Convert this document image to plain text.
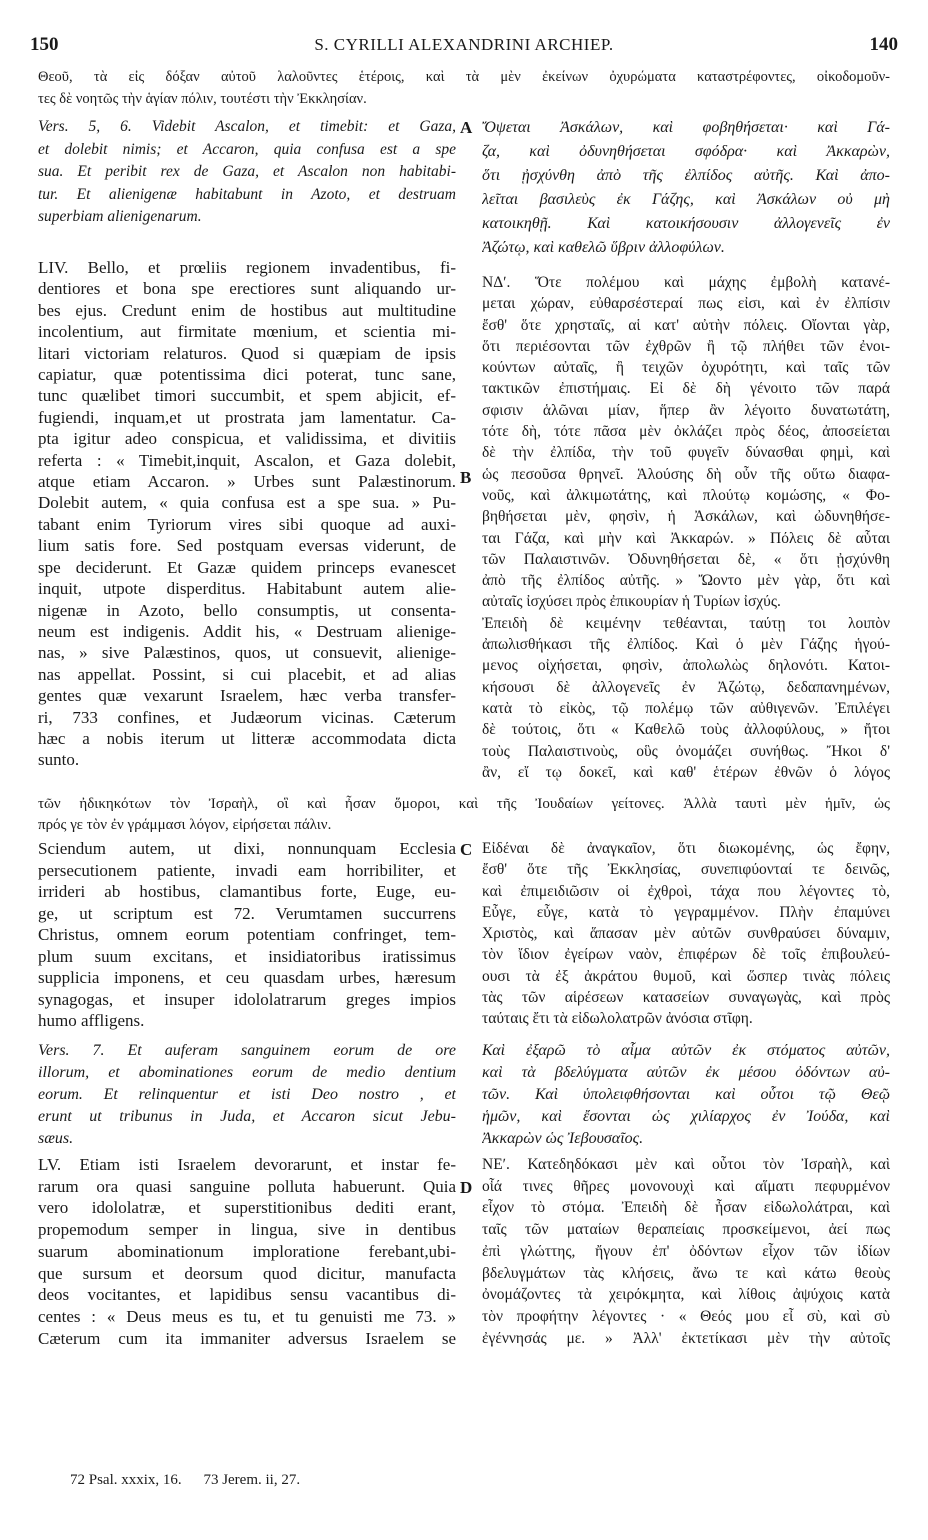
150	S. CYRILLI ALEXANDRINI ARCHIEP.	140
Θεοῦ, τὰ εἰς δόξαν αὐτοῦ λαλοῦντες ἑτέροις, καὶ τὰ μὲν ἐκείνων ὀχυρώματα καταστρέφοντες, οἰκοδομοῦν-
τες δὲ νοητῶς τὴν ἁγίαν πόλιν, τουτέστι τὴν Ἐκκλησίαν.
Vers. 5, 6. Videbit Ascalon, et timebit: et Gaza,
et dolebit nimis; et Accaron, quia confusa est a spe
sua. Et peribit rex de Gaza, et Ascalon non habitabi-
tur. Et alienigenæ habitabunt in Azoto, et destruam
superbiam alienigenarum.
A Ὄψεται Ἀσκάλων, καὶ φοβηθήσεται· καὶ Γά-
ζα, καὶ ὀδυνηθήσεται σφόδρα· καὶ Ἀκκαρὼν,
ὅτι ᾐσχύνθη ἀπὸ τῆς ἐλπίδος αὐτῆς. Καὶ ἀπο-
λεῖται βασιλεὺς ἐκ Γάζης, καὶ Ἀσκάλων οὐ μὴ
κατοικηθῇ. Καὶ κατοικήσουσιν ἀλλογενεῖς ἐν
Ἀζώτῳ, καὶ καθελῶ ὕβριν ἀλλοφύλων.
LIV. Bello, et prœliis regionem invadentibus, fi-
dentiores et bona spe erectiores sunt aliquando ur-
bes ejus. Credunt enim de hostibus aut multitudine
incolentium, aut firmitate mœnium, et scientia mi-
litari victoriam relaturos. Quod si quæpiam de ipsis
capiatur, quæ potentissima dici poterat, tunc sane,
tunc quælibet timori succumbit, et spem abjicit, ef-
fugiendi, inquam,et ut prostrata jam lamentatur. Ca-
pta igitur adeo conspicua, et validissima, et divitiis
referta : « Timebit,inquit, Ascalon, et Gaza dolebit,
atque etiam Accaron. » Urbes sunt Palæstinorum.
Dolebit autem, « quia confusa est a spe sua. » Pu-
tabant enim Tyriorum vires sibi quoque ad auxi-
lium satis fore. Sed postquam eversas viderunt, de
spe deciderunt. Et Gazæ quidem princeps evanescet
inquit, utpote disperditus. Habitabunt autem alie-
nigenæ in Azoto, bello consumptis, ut consenta-
neum est indigenis. Addit his, « Destruam alienige-
nas, » sive Palæstinos, quos, ut consuevit, alienige-
nas appellat. Possint, si cui placebit, et ad alias
gentes quæ vexarunt Israelem, hæc verba transfer-
ri, 733 confines, et Judæorum vicinas. Cæterum
hæc a nobis iterum ut litteræ accommodata dicta
sunto.
B
ΝΔʹ. Ὅτε πολέμου καὶ μάχης ἐμβολὴ κατανέ-
μεται χώραν, εὐθαρσέστεραί πως εἰσι, καὶ ἐν ἐλπίσιν
ἔσθ' ὅτε χρησταῖς, αἱ κατ' αὐτὴν πόλεις. Οἴονται γὰρ,
ὅτι περιέσονται τῶν ἐχθρῶν ἢ τῷ πλήθει τῶν ἐνοι-
κούντων αὐταῖς, ἢ τειχῶν ὀχυρότητι, καὶ ταῖς τῶν
τακτικῶν ἐπιστήμαις. Εἰ δὲ δὴ γένοιτο τῶν παρά
σφισιν ἁλῶναι μίαν, ἥπερ ἂν λέγοιτο δυνατωτάτη,
τότε δὴ, τότε πᾶσα μὲν ὀκλάζει πρὸς δέος, ἀποσείεται
δὲ τὴν ἐλπίδα, τὴν τοῦ φυγεῖν δύνασθαι φημὶ, καὶ
ὡς πεσοῦσα θρηνεῖ. Ἁλούσης δὴ οὖν τῆς οὕτω διαφα-
νοῦς, καὶ ἀλκιμωτάτης, καὶ πλούτῳ κομώσης, « Φο-
βηθήσεται μὲν, φησὶν, ἡ Ἀσκάλων, καὶ ὠδυνηθήσε-
ται Γάζα, καὶ μὴν καὶ Ἀκκαρών. » Πόλεις δὲ αὗται
τῶν Παλαιστινῶν. Ὀδυνηθήσεται δὲ, « ὅτι ᾐσχύνθη
ἀπὸ τῆς ἐλπίδος αὐτῆς. » Ὤοντο μὲν γὰρ, ὅτι καὶ
αὐταῖς ἰσχύσει πρὸς ἐπικουρίαν ἡ Τυρίων ἰσχύς.
Ἐπειδὴ δὲ κειμένην τεθέανται, ταύτῃ τοι λοιπὸν
ἀπωλισθήκασι τῆς ἐλπίδος. Καὶ ὁ μὲν Γάζης ἡγού-
μενος οἰχήσεται, φησὶν, ἀπολωλὼς δηλονότι. Κατοι-
κήσουσι δὲ ἀλλογενεῖς ἐν Ἀζώτῳ, δεδαπανημένων,
κατὰ τὸ εἰκὸς, τῷ πολέμῳ τῶν αὐθιγενῶν. Ἐπιλέγει
δὲ τούτοις, ὅτι « Καθελῶ τοὺς ἀλλοφύλους, » ἤτοι
τοὺς Παλαιστινοὺς, οὓς ὀνομάζει συνήθως. Ἤκοι δ'
ἂν, εἴ τῳ δοκεῖ, καὶ καθ' ἑτέρων ἐθνῶν ὁ λόγος
τῶν ἠδικηκότων τὸν Ἰσραὴλ, οἳ καὶ ἦσαν ὅμοροι, καὶ τῆς Ἰουδαίων γείτονες. Ἀλλὰ ταυτὶ μὲν ἡμῖν, ὡς
πρός γε τὸν ἐν γράμμασι λόγον, εἰρήσεται πάλιν.
Sciendum autem, ut dixi, nonnunquam Ecclesia
persecutionem patiente, invadi eam horribiliter, et
irrideri ab hostibus, clamantibus forte, Euge, eu-
ge, ut scriptum est 72. Verumtamen succurrens
Christus, omnem eorum potentiam confringet, tem-
plum suum excitans, et insidiatoribus iratissimus
supplicia imponens, et ceu quasdam urbes, hæresum
synagogas, et insuper idololatrarum greges impios
humo affligens.
C Εἰδέναι δὲ ἀναγκαῖον, ὅτι διωκομένης, ὡς ἔφην,
ἔσθ' ὅτε τῆς Ἐκκλησίας, συνεπιφύονταί τε δεινῶς,
καὶ ἐπιμειδιῶσιν οἱ ἐχθροὶ, τάχα που λέγοντες τὸ,
Εὖγε, εὖγε, κατὰ τὸ γεγραμμένον. Πλὴν ἐπαμύνει
Χριστὸς, καὶ ἅπασαν μὲν αὐτῶν συνθραύσει δύναμιν,
τὸν ἴδιον ἐγείρων ναὸν, ἐπιφέρων δὲ τοῖς ἐπιβουλεύ-
ουσι τὰ ἐξ ἀκράτου θυμοῦ, καὶ ὥσπερ τινὰς πόλεις
τὰς τῶν αἱρέσεων κατασείων συναγωγὰς, καὶ πρὸς
ταύταις ἔτι τὰ εἰδωλολατρῶν ἀνόσια στῖφη.
Vers. 7. Et auferam sanguinem eorum de ore
illorum, et abominationes eorum de medio dentium
eorum. Et relinquentur et isti Deo nostro , et
erunt ut tribunus in Juda, et Accaron sicut Jebu-
sæus.
Καὶ ἐξαρῶ τὸ αἷμα αὐτῶν ἐκ στόματος αὐτῶν,
καὶ τὰ βδελύγματα αὐτῶν ἐκ μέσου ὀδόντων αὐ-
τῶν. Καὶ ὑπολειφθήσονται καὶ οὗτοι τῷ Θεῷ
ἡμῶν, καὶ ἔσονται ὡς χιλίαρχος ἐν Ἰούδα, καὶ
Ἀκκαρὼν ὡς Ἰεβουσαῖος.
LV. Etiam isti Israelem devorarunt, et instar fe-
rarum ora quasi sanguine polluta habuerunt. Quia
vero idololatræ, et superstitionibus dediti erant,
propemodum semper in lingua, sive in dentibus
suarum abominationum imploratione ferebant,ubi-
que sursum et deorsum quod dicitur, manufacta
deos vocitantes, et lapidibus sensu vacantibus di-
centes : « Deus meus es tu, et tu genuisti me 73. »
Cæterum cum ita immaniter adversus Israelem se
D
ΝΕʹ. Κατεδηδόκασι μὲν καὶ οὗτοι τὸν Ἰσραὴλ, καὶ
οἷά τινες θῆρες μονονουχὶ καὶ αἵματι πεφυρμένον
εἶχον τὸ στόμα. Ἐπειδὴ δὲ ἦσαν εἰδωλολάτραι, καὶ
ταῖς τῶν ματαίων θεραπείαις προσκείμενοι, ἀεί πως
ἐπὶ γλώττης, ἤγουν ἐπ' ὀδόντων εἶχον τῶν ἰδίων
βδελυγμάτων τὰς κλήσεις, ἄνω τε καὶ κάτω θεοὺς
ὀνομάζοντες τὰ χειρόκμητα, καὶ λίθοις ἀψύχοις κατὰ
τὸν προφήτην λέγοντες · « Θεός μου εἶ σὺ, καὶ σὺ
ἐγέννησάς με. » Ἀλλ' ἐκτετίκασι μὲν τὴν αὐτοῖς
72 Psal. xxxix, 16. 73 Jerem. ii, 27.
